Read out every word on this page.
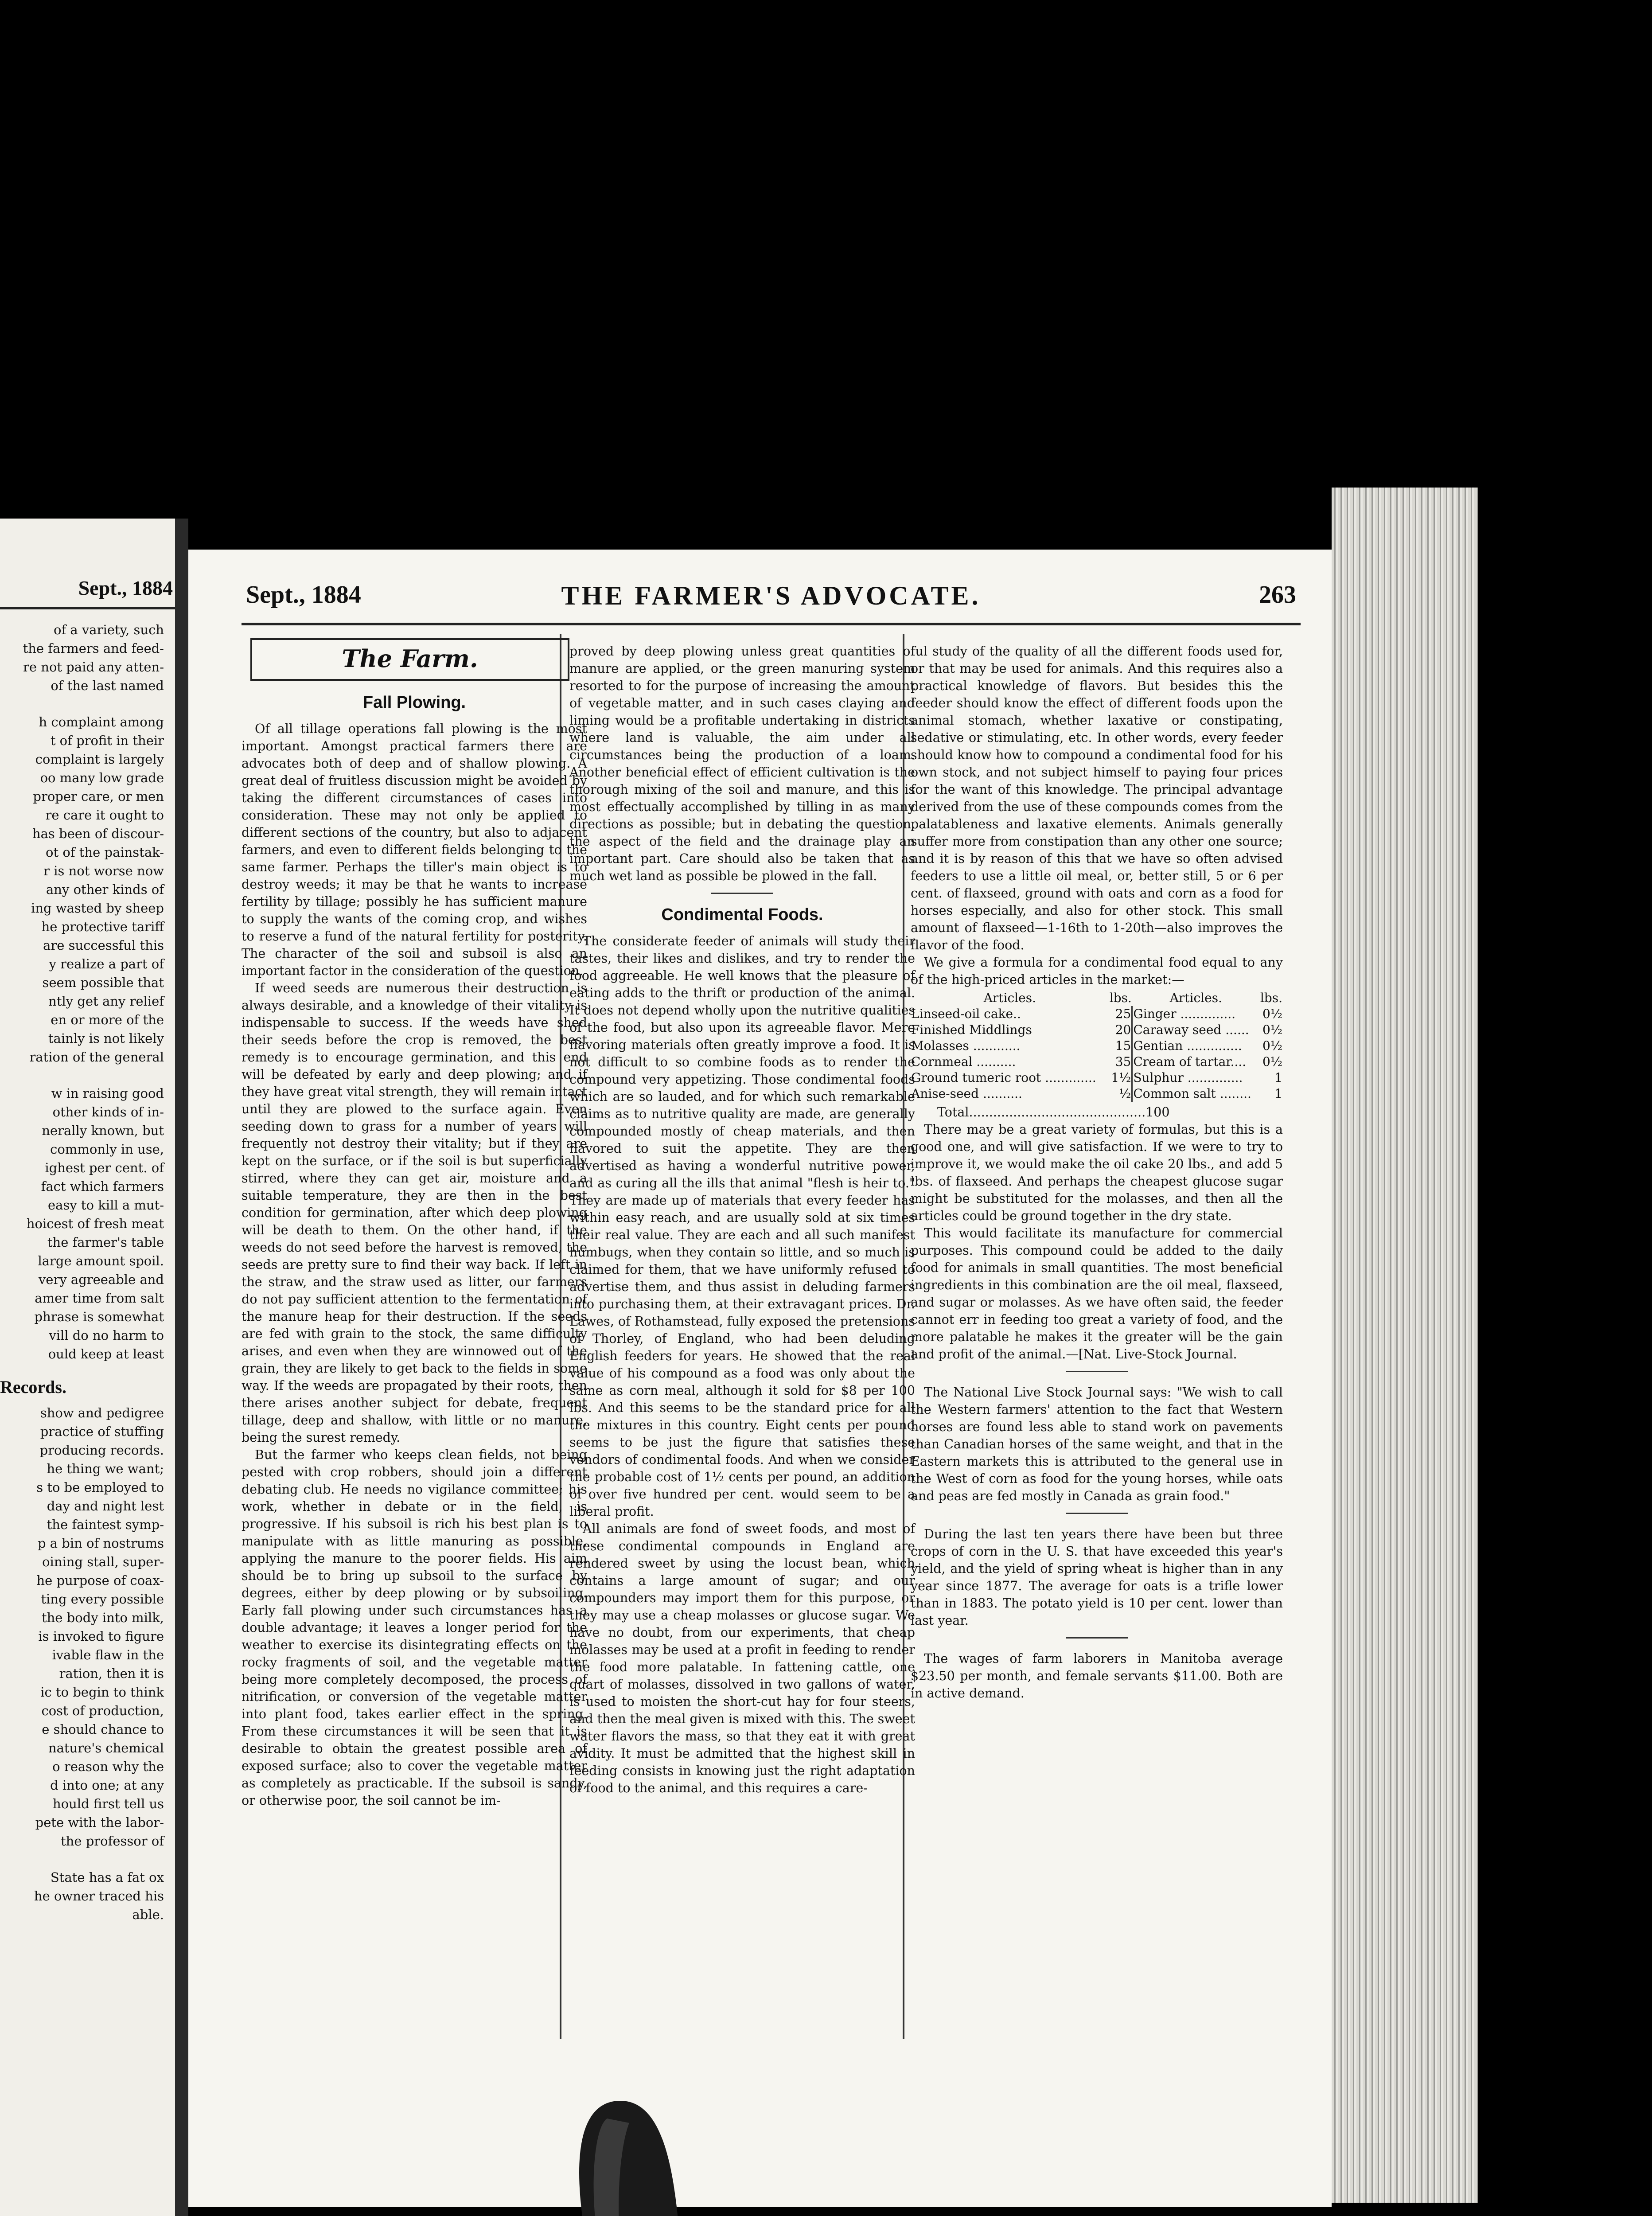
Sept., 1884

of a variety, such

the farmers and feed-

re not paid any atten-

of the last named

h complaint among

t of profit in their

complaint is largely

oo many low grade

proper care, or men

re care it ought to

has been of discour-

ot of the painstak-

r is not worse now

any other kinds of

ing wasted by sheep

he protective tariff

are successful this

y realize a part of

seem possible that

ntly get any relief

en or more of the

tainly is not likely

ration of the general

w in raising good

other kinds of in-

nerally known, but

commonly in use,

ighest per cent. of

fact which farmers

easy to kill a mut-

hoicest of fresh meat

the farmer's table

large amount spoil.

very agreeable and

amer time from salt

phrase is somewhat

vill do no harm to

ould keep at least

Records.

show and pedigree

practice of stuffing

producing records.

he thing we want;

s to be employed to

day and night lest

the faintest symp-

p a bin of nostrums

oining stall, super-

he purpose of coax-

ting every possible

the body into milk,

is invoked to figure

ivable flaw in the

ration, then it is

ic to begin to think

cost of production,

e should chance to

nature's chemical

o reason why the

d into one; at any

hould first tell us

pete with the labor-

the professor of

State has a fat ox

he owner traced his

able.

Sept., 1884	THE FARMER'S ADVOCATE.	263
The Farm.
Fall Plowing.

Of all tillage operations fall plowing is the most important. Amongst practical farmers there are advocates both of deep and of shallow plowing. A great deal of fruitless discussion might be avoided by taking the different circumstances of cases into consideration. These may not only be applied to different sections of the country, but also to adjacent farmers, and even to different fields belonging to the same farmer. Perhaps the tiller's main object is to destroy weeds; it may be that he wants to increase fertility by tillage; possibly he has sufficient manure to supply the wants of the coming crop, and wishes to reserve a fund of the natural fertility for posterity. The character of the soil and subsoil is also an important factor in the consideration of the question.

If weed seeds are numerous their destruction is always desirable, and a knowledge of their vitality is indispensable to success. If the weeds have shed their seeds before the crop is removed, the best remedy is to encourage germination, and this end will be defeated by early and deep plowing; and if they have great vital strength, they will remain intact until they are plowed to the surface again. Even seeding down to grass for a number of years will frequently not destroy their vitality; but if they are kept on the surface, or if the soil is but superficially stirred, where they can get air, moisture and a suitable temperature, they are then in the best condition for germination, after which deep plowing will be death to them. On the other hand, if the weeds do not seed before the harvest is removed, the seeds are pretty sure to find their way back. If left in the straw, and the straw used as litter, our farmers do not pay sufficient attention to the fermentation of the manure heap for their destruction. If the seeds are fed with grain to the stock, the same difficulty arises, and even when they are winnowed out of the grain, they are likely to get back to the fields in some way. If the weeds are propagated by their roots, then there arises another subject for debate, frequent tillage, deep and shallow, with little or no manure, being the surest remedy.

But the farmer who keeps clean fields, not being pested with crop robbers, should join a different debating club. He needs no vigilance committee; his work, whether in debate or in the field, is progressive. If his subsoil is rich his best plan is to manipulate with as little manuring as possible, applying the manure to the poorer fields. His aim should be to bring up subsoil to the surface by degrees, either by deep plowing or by subsoiling. Early fall plowing under such circumstances has a double advantage; it leaves a longer period for the weather to exercise its disintegrating effects on the rocky fragments of soil, and the vegetable matter being more completely decomposed, the process of nitrification, or conversion of the vegetable matter into plant food, takes earlier effect in the spring. From these circumstances it will be seen that it is desirable to obtain the greatest possible area of exposed surface; also to cover the vegetable matter as completely as practicable. If the subsoil is sandy, or otherwise poor, the soil cannot be im-

proved by deep plowing unless great quantities of manure are applied, or the green manuring system resorted to for the purpose of increasing the amount of vegetable matter, and in such cases claying and liming would be a profitable undertaking in districts where land is valuable, the aim under all circumstances being the production of a loam. Another beneficial effect of efficient cultivation is the thorough mixing of the soil and manure, and this is most effectually accomplished by tilling in as many directions as possible; but in debating the question, the aspect of the field and the drainage play an important part. Care should also be taken that as much wet land as possible be plowed in the fall.

Condimental Foods.

The considerate feeder of animals will study their tastes, their likes and dislikes, and try to render the food aggreeable. He well knows that the pleasure of eating adds to the thrift or production of the animal. It does not depend wholly upon the nutritive qualities of the food, but also upon its agreeable flavor. Mere flavoring materials often greatly improve a food. It is not difficult to so combine foods as to render the compound very appetizing. Those condimental foods which are so lauded, and for which such remarkable claims as to nutritive quality are made, are generally compounded mostly of cheap materials, and then flavored to suit the appetite. They are then advertised as having a wonderful nutritive power, and as curing all the ills that animal "flesh is heir to." They are made up of materials that every feeder has within easy reach, and are usually sold at six times their real value. They are each and all such manifest humbugs, when they contain so little, and so much is claimed for them, that we have uniformly refused to advertise them, and thus assist in deluding farmers into purchasing them, at their extravagant prices. Dr. Lawes, of Rothamstead, fully exposed the pretensions of Thorley, of England, who had been deluding English feeders for years. He showed that the real value of his compound as a food was only about the same as corn meal, although it sold for $8 per 100 lbs. And this seems to be the standard price for all the mixtures in this country. Eight cents per pound seems to be just the figure that satisfies these vendors of condimental foods. And when we consider the probable cost of 1½ cents per pound, an addition of over five hundred per cent. would seem to be a liberal profit.

All animals are fond of sweet foods, and most of these condimental compounds in England are rendered sweet by using the locust bean, which contains a large amount of sugar; and our compounders may import them for this purpose, or they may use a cheap molasses or glucose sugar. We have no doubt, from our experiments, that cheap molasses may be used at a profit in feeding to render the food more palatable. In fattening cattle, one quart of molasses, dissolved in two gallons of water, is used to moisten the short-cut hay for four steers, and then the meal given is mixed with this. The sweet water flavors the mass, so that they eat it with great avidity. It must be admitted that the highest skill in feeding consists in knowing just the right adaptation of food to the animal, and this requires a care-

ful study of the quality of all the different foods used for, or that may be used for animals. And this requires also a practical knowledge of flavors. But besides this the feeder should know the effect of different foods upon the animal stomach, whether laxative or constipating, sedative or stimulating, etc. In other words, every feeder should know how to compound a condimental food for his own stock, and not subject himself to paying four prices for the want of this knowledge. The principal advantage derived from the use of these compounds comes from the palatableness and laxative elements. Animals generally suffer more from constipation than any other one source; and it is by reason of this that we have so often advised feeders to use a little oil meal, or, better still, 5 or 6 per cent. of flaxseed, ground with oats and corn as a food for horses especially, and also for other stock. This small amount of flaxseed—1-16th to 1-20th—also improves the flavor of the food.

We give a formula for a condimental food equal to any of the high-priced articles in the market:—

Articles.	lbs.	Articles.	lbs.
Linseed-oil cake..	25	Ginger ..............	0½
Finished Middlings	20	Caraway seed ......	0½
Molasses ............	15	Gentian ..............	0½
Cornmeal ..........	35	Cream of tartar....	0½
Ground tumeric root .............	1½	Sulphur ..............	1
Anise-seed ..........	½	Common salt ........	1

Total............................................100

There may be a great variety of formulas, but this is a good one, and will give satisfaction. If we were to try to improve it, we would make the oil cake 20 lbs., and add 5 lbs. of flaxseed. And perhaps the cheapest glucose sugar might be substituted for the molasses, and then all the articles could be ground together in the dry state.

This would facilitate its manufacture for commercial purposes. This compound could be added to the daily food for animals in small quantities. The most beneficial ingredients in this combination are the oil meal, flaxseed, and sugar or molasses. As we have often said, the feeder cannot err in feeding too great a variety of food, and the more palatable he makes it the greater will be the gain and profit of the animal.—[Nat. Live-Stock Journal.

The National Live Stock Journal says: "We wish to call the Western farmers' attention to the fact that Western horses are found less able to stand work on pavements than Canadian horses of the same weight, and that in the Eastern markets this is attributed to the general use in the West of corn as food for the young horses, while oats and peas are fed mostly in Canada as grain food."

During the last ten years there have been but three crops of corn in the U. S. that have exceeded this year's yield, and the yield of spring wheat is higher than in any year since 1877. The average for oats is a trifle lower than in 1883. The potato yield is 10 per cent. lower than last year.

The wages of farm laborers in Manitoba average $23.50 per month, and female servants $11.00. Both are in active demand.
